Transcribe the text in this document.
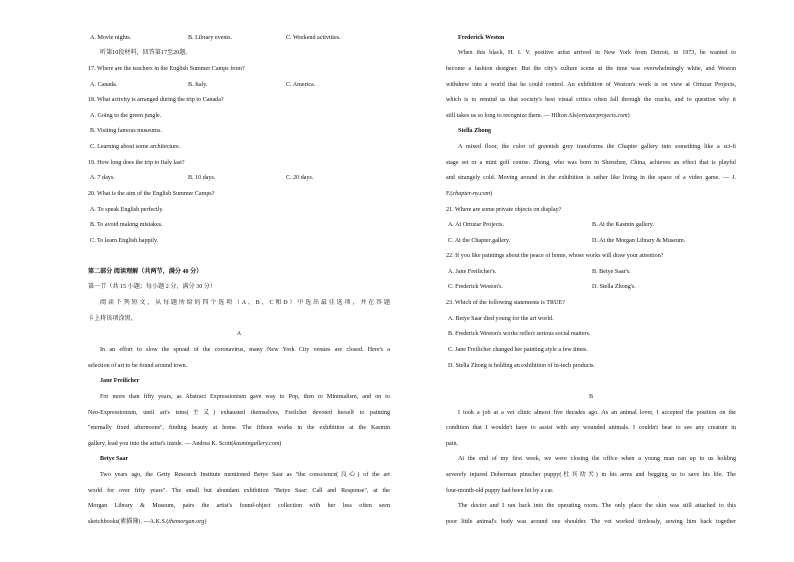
A. Movie nights.	B. Library events.	C. Weekend activities.
听第10段材料，回答第17至20题。
17. Where are the teachers in the English Summer Camps from?
A. Canada.	B. Italy.	C. America.
18. What activity is arranged during the trip to Canada?
A. Going to the green jungle.
B. Visiting famous museums.
C. Learning about some architecture.
19. How long does the trip to Italy last?
A. 7 days.	B. 10 days.	C. 20 days.
20. What is the aim of the English Summer Camps?
A. To speak English perfectly.
B. To avoid making mistakes.
C. To learn English happily.
第二部分 阅读理解（共两节，满分 40 分）
第一节（共 15 小题；每小题 2 分，满分 30 分）
阅读下列短文，从每题所给的四个选项（A、B、C和D）中选出最佳选项，并在答题
卡上将该项涂黑。
A
In an effort to slow the spread of the coronavirus, many New York City venues are closed. Here's a
selection of art to be found around town.
Jane Freilicher
For more than fifty years, as Abstract Expressionism gave way to Pop, then to Minimalism, and on to
Neo-Expressionism, until art's isms(主义) exhausted themselves, Freilcher devoted herself to painting
"eternally fixed afternoons", finding beauty at home. The fifteen works in the exhibition at the Kasmin
gallery, lead you into the artist's inside. — Andrea K. Scott(kasmingallery.com)
Betye Saar
Two years ago, the Getty Research Institute mentioned Betye Saar as "the conscience(良心) of the art
world for over fifty years". The small but abundant exhibition "Betye Saar: Call and Response", at the
Morgan Library & Museum, pairs the artist's found-object collection with her less often seen
sketchbooks(素描簿). —A.K.S.(themorgan.org)
Frederick Weston
When this black, H. I. V. positive artist arrived in New York from Detroit, in 1973, he wanted to
become a fashion designer. But the city's culture scene at the time was overwhelmingly white, and Weston
withdrew into a world that he could control. An exhibition of Weston's work is on view at Ortuzar Projects,
which is to remind us that society's best visual critics often fall through the cracks, and to question why it
still takes us so long to recognize them. — Hilton Als(ortuzarprojects.com)
Stella Zhong
A mixed floor, the color of greenish grey transforms the Chapter gallery into something like a sci-fi
stage set or a mini golf course. Zhong, who was born in Shenzhen, China, achieves an effect that is playful
and strangely cold. Moving around in the exhibition is rather like living in the space of a video game. — J.
F.(chapter-ny.com)
21. Where are some private objects on display?
A. At Ortuzar Projects.	B. At the Kasmin gallery.
C. At the Chapter gallery.	D. At the Morgan Library & Museum.
22. If you like paintings about the peace of home, whose works will draw your attention?
A. Jane Freilicher's.	B. Betye Saar's.
C. Frederick Weston's.	D. Stella Zhong's.
23. Which of the following statements is TRUE?
A. Betye Saar died young for the art world.
B. Frederick Weston's works reflect serious social matters.
C. Jane Freilicher changed her painting style a few times.
D. Stella Zhong is holding an exhibition of hi-tech products.
B
I took a job at a vet clinic almost five decades ago. As an animal lover, I accepted the position on the
condition that I wouldn't have to assist with any wounded animals. I couldn't bear to see any creature in
pain.
At the end of my first week, we were closing the office when a young man ran up to us holding
severely injured Doberman pinscher puppy(杜宾幼犬) in his arms and begging us to save his life. The
four-month-old puppy had been hit by a car.
The doctor and I ran back into the operating room. The only place the skin was still attached to this
poor little animal's body was around one shoulder. The vet worked tirelessly, sewing him back together
